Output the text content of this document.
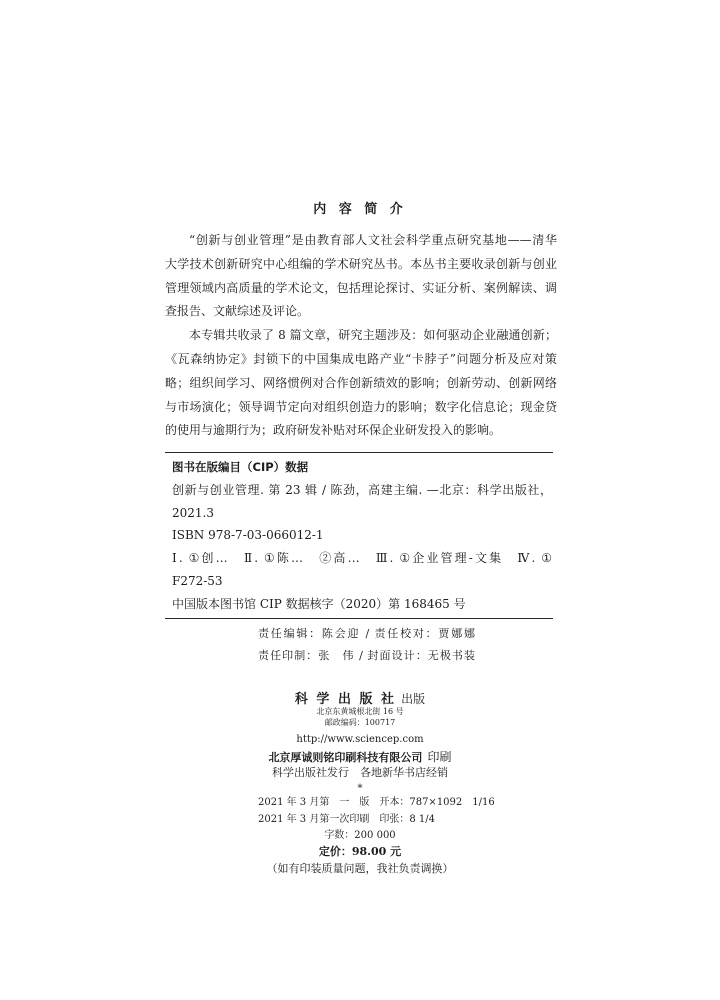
内 容 简 介
“创新与创业管理”是由教育部人文社会科学重点研究基地——清华
大学技术创新研究中心组编的学术研究丛书。本丛书主要收录创新与创业
管理领域内高质量的学术论文，包括理论探讨、实证分析、案例解读、调
查报告、文献综述及评论。
本专辑共收录了 8 篇文章，研究主题涉及：如何驱动企业融通创新；
《瓦森纳协定》封锁下的中国集成电路产业“卡脖子”问题分析及应对策
略；组织间学习、网络惯例对合作创新绩效的影响；创新劳动、创新网络
与市场演化；领导调节定向对组织创造力的影响；数字化信息论；现金贷
的使用与逾期行为；政府研发补贴对环保企业研发投入的影响。
图书在版编目（CIP）数据
创新与创业管理. 第 23 辑 / 陈劲，高建主编. —北京：科学出版社，
2021.3
ISBN 978-7-03-066012-1
Ⅰ. ①创…　Ⅱ. ①陈…　②高…　Ⅲ. ①企业管理-文集　Ⅳ. ①
F272-53
中国版本图书馆 CIP 数据核字（2020）第 168465 号
责任编辑：陈会迎 / 责任校对：贾娜娜
责任印制：张　伟 / 封面设计：无极书装
科 学 出 版 社 出版
北京东黄城根北街 16 号
邮政编码：100717
http://www.sciencep.com
北京厚诚则铭印刷科技有限公司 印刷
科学出版社发行　各地新华书店经销
*
2021 年 3 月第　一　版　开本：787×1092　1/16
2021 年 3 月第一次印刷　印张：8 1/4
字数：200 000
定价：98.00 元
（如有印装质量问题，我社负责调换）
